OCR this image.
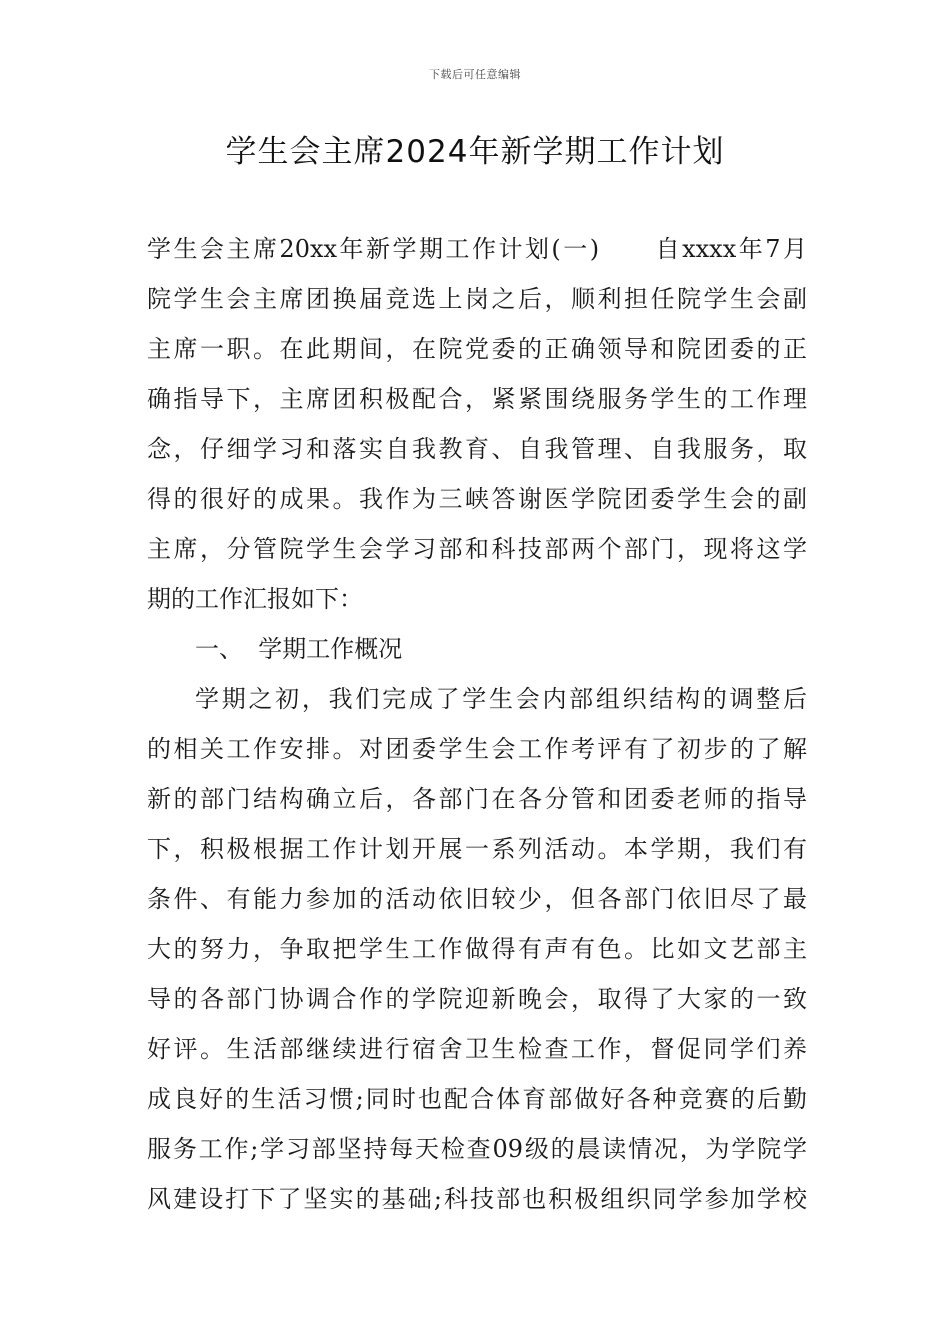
下载后可任意编辑
学生会主席2024年新学期工作计划
学生会主席20xx年新学期工作计划(一) 自xxxx年7月
院学生会主席团换届竞选上岗之后，顺利担任院学生会副
主席一职。在此期间，在院党委的正确领导和院团委的正
确指导下，主席团积极配合，紧紧围绕服务学生的工作理
念，仔细学习和落实自我教育、自我管理、自我服务，取
得的很好的成果。我作为三峡答谢医学院团委学生会的副
主席，分管院学生会学习部和科技部两个部门，现将这学
期的工作汇报如下：
一、  学期工作概况
学期之初，我们完成了学生会内部组织结构的调整后
的相关工作安排。对团委学生会工作考评有了初步的了解
新的部门结构确立后，各部门在各分管和团委老师的指导
下，积极根据工作计划开展一系列活动。本学期，我们有
条件、有能力参加的活动依旧较少，但各部门依旧尽了最
大的努力，争取把学生工作做得有声有色。比如文艺部主
导的各部门协调合作的学院迎新晚会，取得了大家的一致
好评。生活部继续进行宿舍卫生检查工作，督促同学们养
成良好的生活习惯;同时也配合体育部做好各种竞赛的后勤
服务工作;学习部坚持每天检查09级的晨读情况，为学院学
风建设打下了坚实的基础;科技部也积极组织同学参加学校
